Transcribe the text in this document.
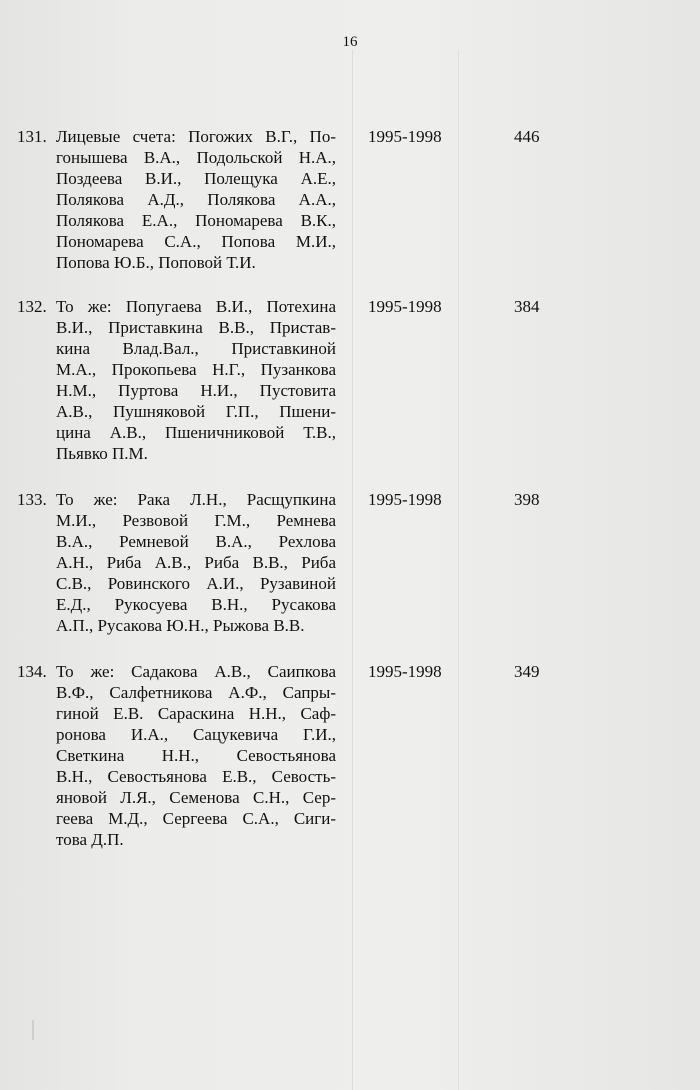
16
131. Лицевые счета: Погожих В.Г., По-
гонышева В.А., Подольской Н.А.,
Поздеева В.И., Полещука А.Е.,
Полякова А.Д., Полякова А.А.,
Полякова Е.А., Пономарева В.К.,
Пономарева С.А., Попова М.И.,
Попова Ю.Б., Поповой Т.И.
1995-1998	446
132. То же: Попугаева В.И., Потехина
В.И., Приставкина В.В., Пристав-
кина Влад.Вал., Приставкиной
М.А., Прокопьева Н.Г., Пузанкова
Н.М., Пуртова Н.И., Пустовита
А.В., Пушняковой Г.П., Пшени-
цина А.В., Пшеничниковой Т.В.,
Пьявко П.М.
1995-1998	384
133. То же: Рака Л.Н., Расщупкина
М.И., Резвовой Г.М., Ремнева
В.А., Ремневой В.А., Рехлова
А.Н., Риба А.В., Риба В.В., Риба
С.В., Ровинского А.И., Рузавиной
Е.Д., Рукосуева В.Н., Русакова
А.П., Русакова Ю.Н., Рыжова В.В.
1995-1998	398
134. То же: Садакова А.В., Саипкова
В.Ф., Салфетникова А.Ф., Сапры-
гиной Е.В. Сараскина Н.Н., Саф-
ронова И.А., Сацукевича Г.И.,
Светкина Н.Н., Севостьянова
В.Н., Севостьянова Е.В., Севость-
яновой Л.Я., Семенова С.Н., Сер-
геева М.Д., Сергеева С.А., Сиги-
това Д.П.
1995-1998	349
